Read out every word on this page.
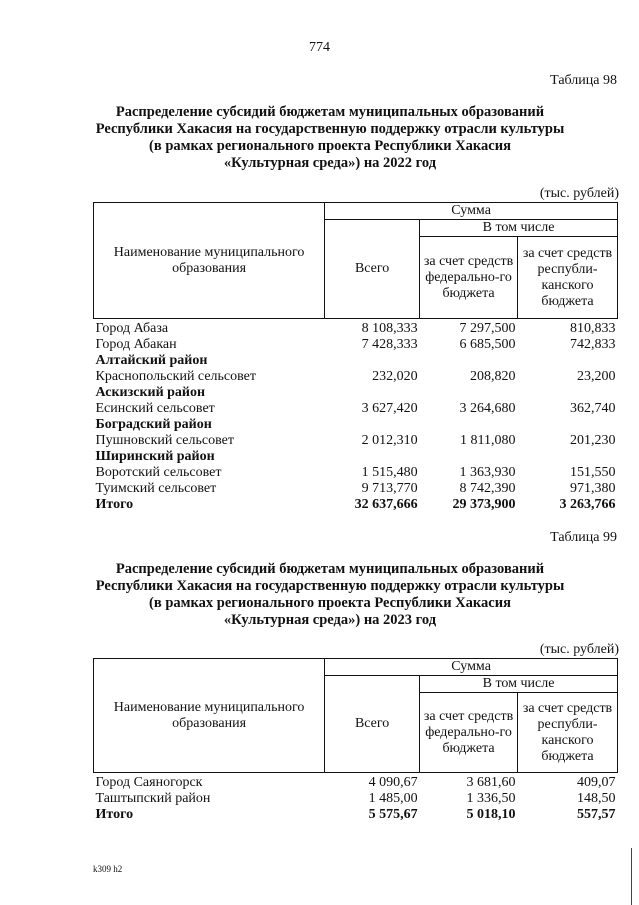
774
Таблица 98
Распределение субсидий бюджетам муниципальных образований
Республики Хакасия на государственную поддержку отрасли культуры
(в рамках регионального проекта Республики Хакасия
«Культурная среда») на 2022 год
(тыс. рублей)
Наименование муниципального образования	Сумма		
	Всего	В том числе	
		за счет средств федерально-го бюджета	за счет средств республи-канского бюджета
Город Абаза	8 108,333	7 297,500	810,833
Город Абакан	7 428,333	6 685,500	742,833
Алтайский район			
Краснопольский сельсовет	232,020	208,820	23,200
Аскизский район			
Есинский сельсовет	3 627,420	3 264,680	362,740
Боградский район			
Пушновский сельсовет	2 012,310	1 811,080	201,230
Ширинский район			
Воротский сельсовет	1 515,480	1 363,930	151,550
Туимский сельсовет	9 713,770	8 742,390	971,380
Итого	32 637,666	29 373,900	3 263,766
Таблица 99
Распределение субсидий бюджетам муниципальных образований
Республики Хакасия на государственную поддержку отрасли культуры
(в рамках регионального проекта Республики Хакасия
«Культурная среда») на 2023 год
(тыс. рублей)
Наименование муниципального образования	Сумма		
	Всего	В том числе	
		за счет средств федерально-го бюджета	за счет средств республи-канского бюджета
Город Саяногорск	4 090,67	3 681,60	409,07
Таштыпский район	1 485,00	1 336,50	148,50
Итого	5 575,67	5 018,10	557,57
k309 h2
